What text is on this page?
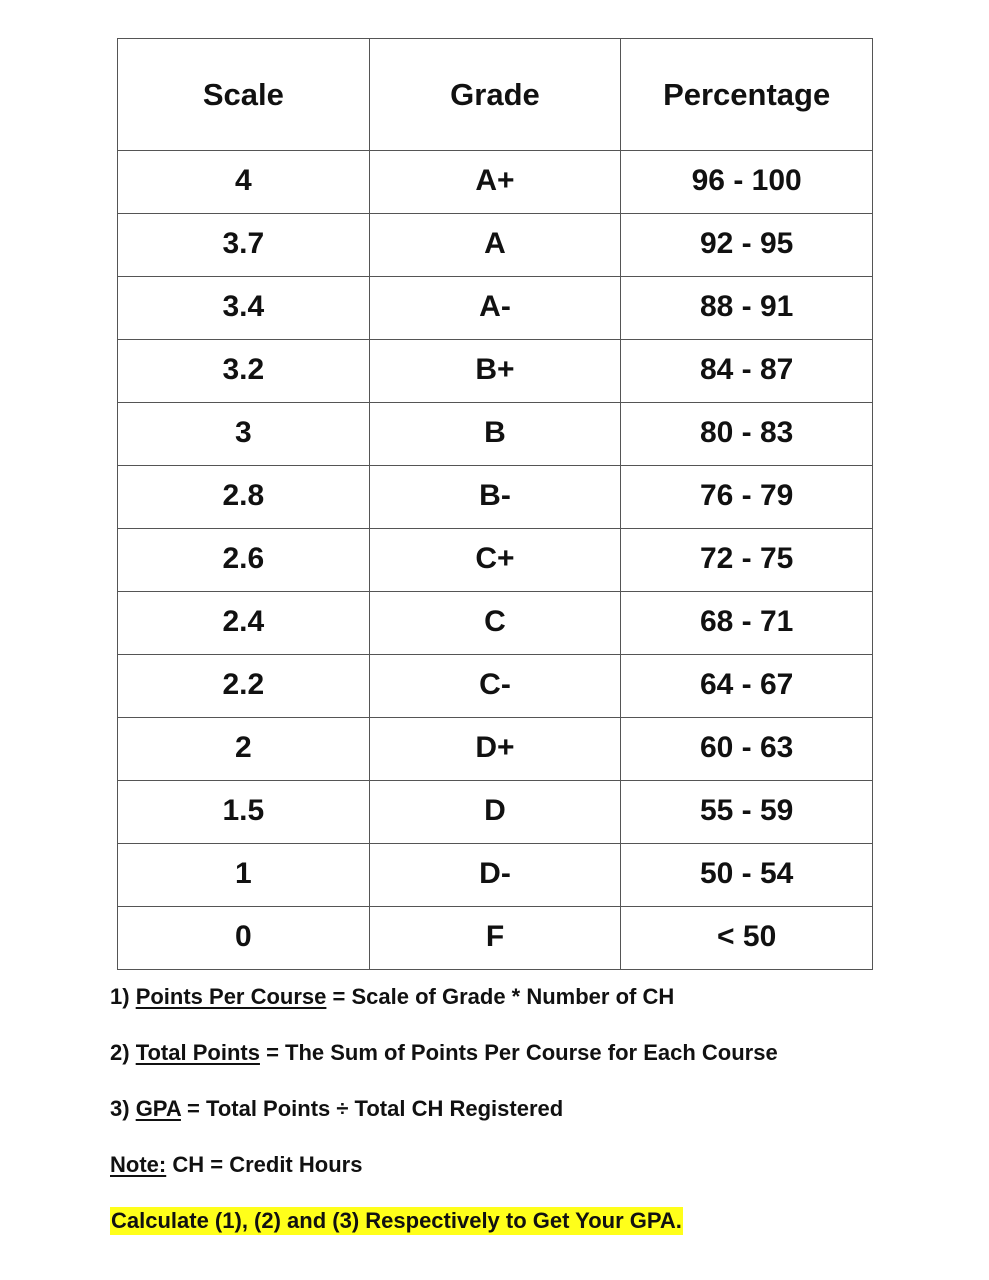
Scale	Grade	Percentage
4	A+	96 - 100
3.7	A	92 - 95
3.4	A-	88 - 91
3.2	B+	84 - 87
3	B	80 - 83
2.8	B-	76 - 79
2.6	C+	72 - 75
2.4	C	68 - 71
2.2	C-	64 - 67
2	D+	60 - 63
1.5	D	55 - 59
1	D-	50 - 54
0	F	< 50
1) Points Per Course = Scale of Grade * Number of CH
2) Total Points = The Sum of Points Per Course for Each Course
3) GPA = Total Points ÷ Total CH Registered
Note: CH = Credit Hours
Calculate (1), (2) and (3) Respectively to Get Your GPA.
